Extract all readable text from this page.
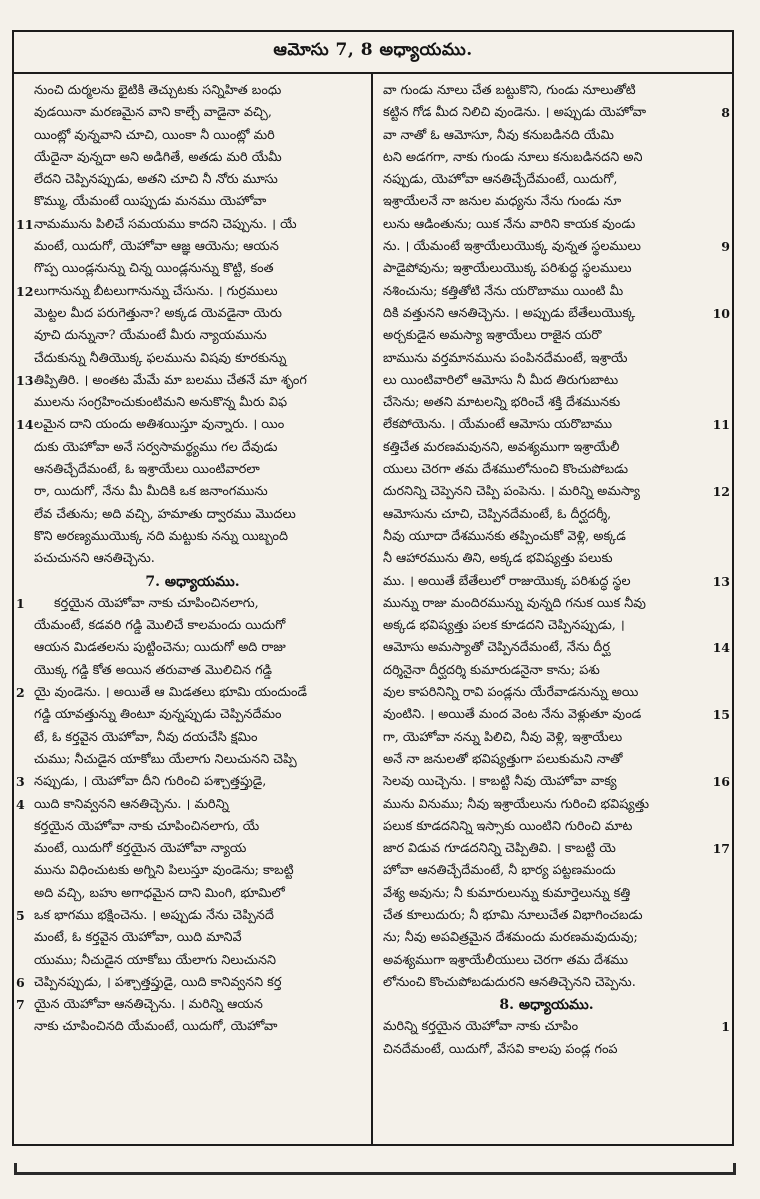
ఆమోసు 7, 8 అధ్యాయము.
నుంచి దుర్మలను భైటికి తెచ్చుటకు సన్నిహిత బంధు
వుడయినా మరణమైన వాని కాల్చే వాడైనా వచ్చి,
యింట్లో వున్నవాని చూచి, యింకా నీ యింట్లో మరి
యేదైనా వున్నదా అని అడిగితే, అతడు మరి యేమీ
లేదని చెప్పినప్పుడు, అతని చూచి నీ నోరు మూసు
కొమ్ము, యేమంటే యిప్పుడు మనము యెహోవా
11 నామమును పిలిచే సమయము కాదని చెప్పును. । యే
మంటే, యిదుగో, యెహోవా ఆజ్ఞ ఆయెను; ఆయన
గొప్ప యిండ్లనున్ను చిన్న యిండ్లనున్ను కొట్టి, కంత
12 లుగానున్ను బీటలుగానున్ను చేసును. । గుర్రములు
మెట్టల మీద పరుగెత్తునా? అక్కడ యెవడైనా యెరు
వూచి దున్నునా? యేమంటే మీరు న్యాయమును
చేదుకున్ను నీతియొక్క ఫలమును విషవు కూరకున్ను
13 తిప్పితిరి. । అంతట మేమే మా బలము చేతనే మా శృంగ
ములను సంగ్రహించుకుంటిమని అనుకొన్న మీరు విఫ
14 లమైన దాని యందు అతిశయిస్తూ వున్నారు. । యిం
దుకు యెహోవా అనే సర్వసామర్థ్యము గల దేవుడు
ఆనతిచ్చేదేమంటే, ఓ ఇశ్రాయేలు యింటివారలా
రా, యిదుగో, నేను మీ మీదికి ఒక జనాంగమును
లేవ చేతును; అది వచ్చి, హమాతు ద్వారము మొదలు
కొని అరణ్యముయొక్క నది మట్టుకు నన్ను యిబ్బంది
పచుచునని ఆనతిచ్చెను.
7. అధ్యాయము.
1	కర్తయైన యెహోవా నాకు చూపించినలాగు,
యేమంటే, కడవరి గడ్డి మొలిచే కాలమందు యిదుగో
ఆయన మిడతలను పుట్టించెను; యిదుగో అది రాజు
యొక్క గడ్డి కోత అయిన తరువాత మొలిచిన గడ్డి
2 యై వుండెను. । అయితే ఆ మిడతలు భూమి యందుండే
గడ్డి యావత్తున్ను తింటూ వున్నప్పుడు చెప్పినదేమం
టే, ఓ కర్తవైన యెహోవా, నీవు దయచేసి క్షమిం
చుము; నీచుడైన యాకోబు యేలాగు నిలుచునని చెప్పి
3 నప్పుడు, । యెహోవా దీని గురించి పశ్చాత్తప్తుడై,
4 యిది కానివ్వనని ఆనతిచ్చెను. । మరిన్ని
కర్తయైన యెహోవా నాకు చూపించినలాగు, యే
మంటే, యిదుగో కర్తయైన యెహోవా న్యాయ
మును విధించుటకు అగ్నిని పిలుస్తూ వుండెను; కాబట్టి
అది వచ్చి, బహు అగాధమైన దాని మింగి, భూమిలో
5 ఒక భాగము భక్షించెను. । అప్పుడు నేను చెప్పినదే
మంటే, ఓ కర్తవైన యెహోవా, యిది మానివే
యుము; నీచుడైన యాకోబు యేలాగు నిలుచునని
6 చెప్పినప్పుడు, । పశ్చాత్తప్తుడై, యిది కానివ్వనని కర్త
7 యైన యెహోవా ఆనతిచ్చెను. । మరిన్ని ఆయన
నాకు చూపించినది యేమంటే, యిదుగో, యెహోవా
వా గుండు నూలు చేత బట్టుకొని, గుండు నూలుతోటి
8
కట్టిన గోడ మీద నిలిచి వుండెను. । అప్పుడు యెహోవా
వా నాతో ఓ ఆమోసూ, నీవు కనుబడినది యేమి
టని అడగగా, నాకు గుండు నూలు కనుబడినదని అని
నప్పుడు, యెహోవా ఆనతిచ్చేదేమంటే, యిదుగో,
ఇశ్రాయేలనే నా జనుల మధ్యను నేను గుండు నూ
లును ఆడింతును; యిక నేను వారిని కాయక వుండు
9
ను. । యేమంటే ఇశ్రాయేలుయొక్క వున్నత స్థలములు
పాడైపోవును; ఇశ్రాయేలుయొక్క పరిశుద్ధ స్థలములు
నశించును; కత్తితోటి నేను యరొబాము యింటి మీ
10
దికి వత్తునని ఆనతిచ్చెను. । అప్పుడు బేతేలుయొక్క
అర్చకుడైన అమస్యా ఇశ్రాయేలు రాజైన యరొ
బామును వర్తమానమును పంపినదేమంటే, ఇశ్రాయే
లు యింటివారిలో ఆమోసు నీ మీద తిరుగుబాటు
చేసెను; అతని మాటలన్ని భరించే శక్తి దేశమునకు
11
లేకపోయెను. । యేమంటే ఆమోసు యరొబాము
కత్తిచేత మరణమవునని, అవశ్యముగా ఇశ్రాయేలీ
యులు చెరగా తమ దేశములోనుంచి కొంచుపోబడు
12
దురనిన్ని చెప్పెనని చెప్పి పంపెను. । మరిన్ని అమస్యా
ఆమోసును చూచి, చెప్పినదేమంటే, ఓ దీర్ఘదర్శీ,
నీవు యూదా దేశమునకు తప్పించుకో వెళ్లి, అక్కడ
నీ ఆహారమును తిని, అక్కడ భవిష్యత్తు పలుకు
13
ము. । అయితే బేతేలులో రాజుయొక్క పరిశుద్ధ స్థల
మున్ను రాజు మందిరమున్ను వున్నది గనుక యిక నీవు
అక్కడ భవిష్యత్తు పలక కూడదని చెప్పినప్పుడు, ।
14
ఆమోసు అమస్యాతో చెప్పినదేమంటే, నేను దీర్ఘ
దర్శినైనా దీర్ఘదర్శి కుమారుడనైనా కాను; పశు
వుల కాపరినిన్ని రావి పండ్లను యేరేవాడనున్ను అయి
15
వుంటిని. । అయితే మంద వెంట నేను వెళ్లుతూ వుండ
గా, యెహోవా నన్ను పిలిచి, నీవు వెళ్లి, ఇశ్రాయేలు
అనే నా జనులతో భవిష్యత్తుగా పలుకుమని నాతో
16
సెలవు యిచ్చెను. । కాబట్టి నీవు యెహోవా వాక్య
మును వినుము; నీవు ఇశ్రాయేలును గురించి భవిష్యత్తు
పలుక కూడదనిన్ని ఇస్సాకు యింటిని గురించి మాట
17
జార విడువ గూడదనిన్ని చెప్పితివి. । కాబట్టి యె
హోవా ఆనతిచ్చేదేమంటే, నీ భార్య పట్టణమందు
వేశ్య అవును; నీ కుమారులున్ను కుమార్తెలున్ను కత్తి
చేత కూలుదురు; నీ భూమి నూలుచేత విభాగించబడు
ను; నీవు అపవిత్రమైన దేశమందు మరణమవుదువు;
అవశ్యముగా ఇశ్రాయేలీయులు చెరగా తమ దేశము
లోనుంచి కొంచుపోబడుదురని ఆనతిచ్చెనని చెప్పెను.
8. అధ్యాయము.
1
మరిన్ని కర్తయైన యెహోవా నాకు చూపిం
చినదేమంటే, యిదుగో, వేసవి కాలపు పండ్ల గంప
